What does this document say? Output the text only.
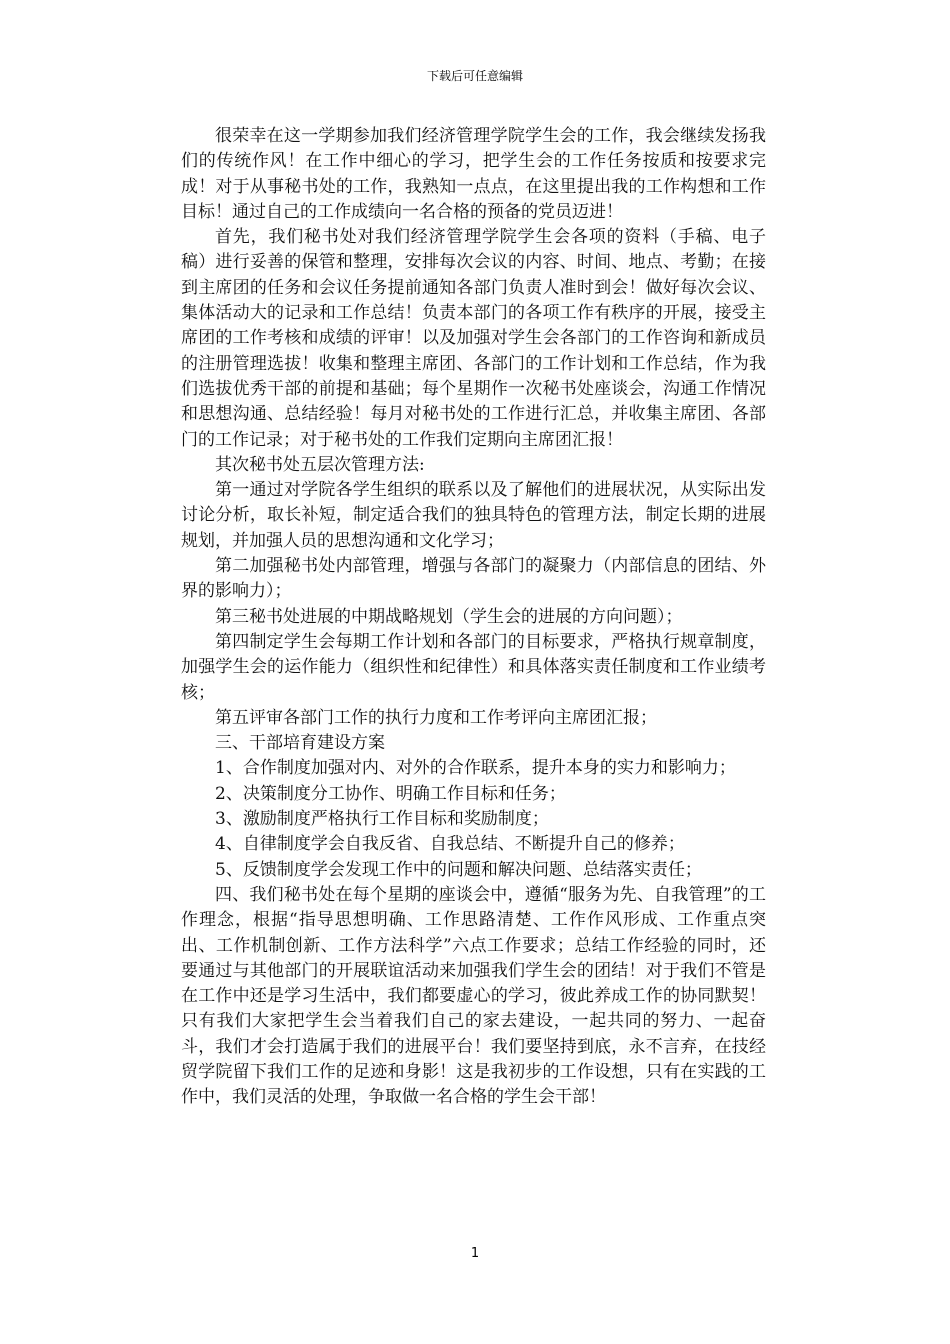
下载后可任意编辑

很荣幸在这一学期参加我们经济管理学院学生会的工作，我会继续发扬我们的传统作风！在工作中细心的学习，把学生会的工作任务按质和按要求完成！对于从事秘书处的工作，我熟知一点点，在这里提出我的工作构想和工作目标！通过自己的工作成绩向一名合格的预备的党员迈进！

首先，我们秘书处对我们经济管理学院学生会各项的资料（手稿、电子稿）进行妥善的保管和整理，安排每次会议的内容、时间、地点、考勤；在接到主席团的任务和会议任务提前通知各部门负责人准时到会！做好每次会议、集体活动大的记录和工作总结！负责本部门的各项工作有秩序的开展，接受主席团的工作考核和成绩的评审！以及加强对学生会各部门的工作咨询和新成员的注册管理选拔！收集和整理主席团、各部门的工作计划和工作总结，作为我们选拔优秀干部的前提和基础；每个星期作一次秘书处座谈会，沟通工作情况和思想沟通、总结经验！每月对秘书处的工作进行汇总，并收集主席团、各部门的工作记录；对于秘书处的工作我们定期向主席团汇报！

其次秘书处五层次管理方法:

第一通过对学院各学生组织的联系以及了解他们的进展状况，从实际出发讨论分析，取长补短，制定适合我们的独具特色的管理方法，制定长期的进展规划，并加强人员的思想沟通和文化学习；

第二加强秘书处内部管理，增强与各部门的凝聚力（内部信息的团结、外界的影响力）；

第三秘书处进展的中期战略规划（学生会的进展的方向问题）；

第四制定学生会每期工作计划和各部门的目标要求，严格执行规章制度，加强学生会的运作能力（组织性和纪律性）和具体落实责任制度和工作业绩考核；

第五评审各部门工作的执行力度和工作考评向主席团汇报；

三、干部培育建设方案

1、合作制度加强对内、对外的合作联系，提升本身的实力和影响力；

2、决策制度分工协作、明确工作目标和任务；

3、激励制度严格执行工作目标和奖励制度；

4、自律制度学会自我反省、自我总结、不断提升自己的修养；

5、反馈制度学会发现工作中的问题和解决问题、总结落实责任；

四、我们秘书处在每个星期的座谈会中，遵循“服务为先、自我管理”的工作理念，根据“指导思想明确、工作思路清楚、工作作风形成、工作重点突出、工作机制创新、工作方法科学”六点工作要求；总结工作经验的同时，还要通过与其他部门的开展联谊活动来加强我们学生会的团结！对于我们不管是在工作中还是学习生活中，我们都要虚心的学习，彼此养成工作的协同默契！只有我们大家把学生会当着我们自己的家去建设，一起共同的努力、一起奋斗，我们才会打造属于我们的进展平台！我们要坚持到底，永不言弃，在技经贸学院留下我们工作的足迹和身影！这是我初步的工作设想，只有在实践的工作中，我们灵活的处理，争取做一名合格的学生会干部！

1
